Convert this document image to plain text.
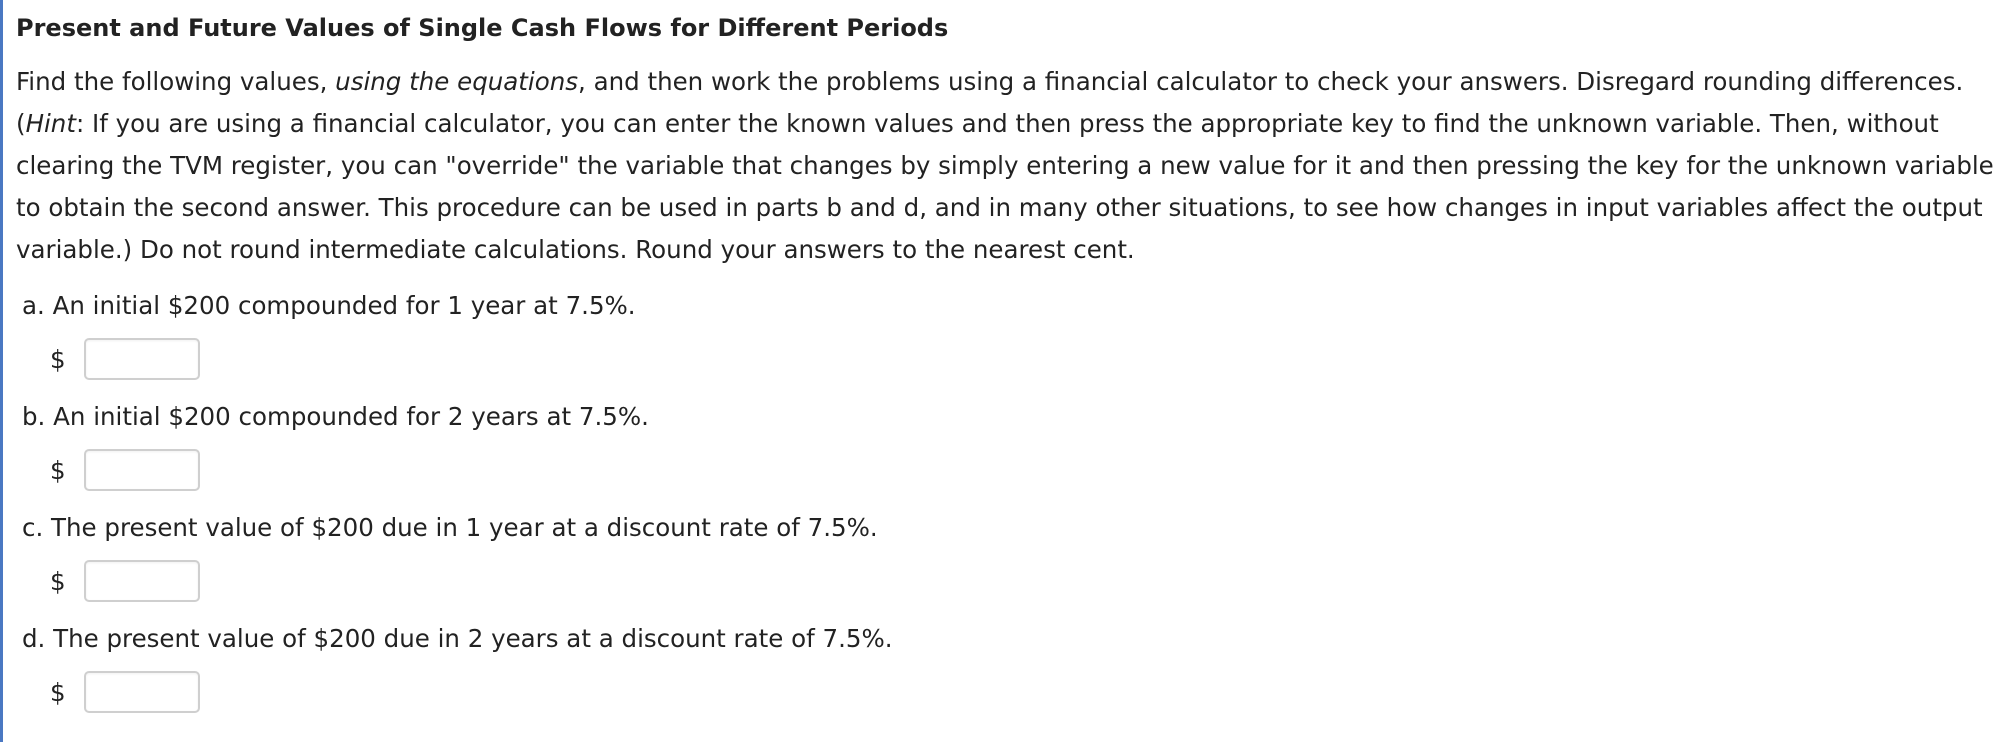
Present and Future Values of Single Cash Flows for Different Periods
Find the following values, using the equations, and then work the problems using a financial calculator to check your answers. Disregard rounding differences. (Hint: If you are using a financial calculator, you can enter the known values and then press the appropriate key to find the unknown variable. Then, without clearing the TVM register, you can "override" the variable that changes by simply entering a new value for it and then pressing the key for the unknown variable to obtain the second answer. This procedure can be used in parts b and d, and in many other situations, to see how changes in input variables affect the output variable.) Do not round intermediate calculations. Round your answers to the nearest cent.
a. An initial $200 compounded for 1 year at 7.5%.
$
b. An initial $200 compounded for 2 years at 7.5%.
$
c. The present value of $200 due in 1 year at a discount rate of 7.5%.
$
d. The present value of $200 due in 2 years at a discount rate of 7.5%.
$
